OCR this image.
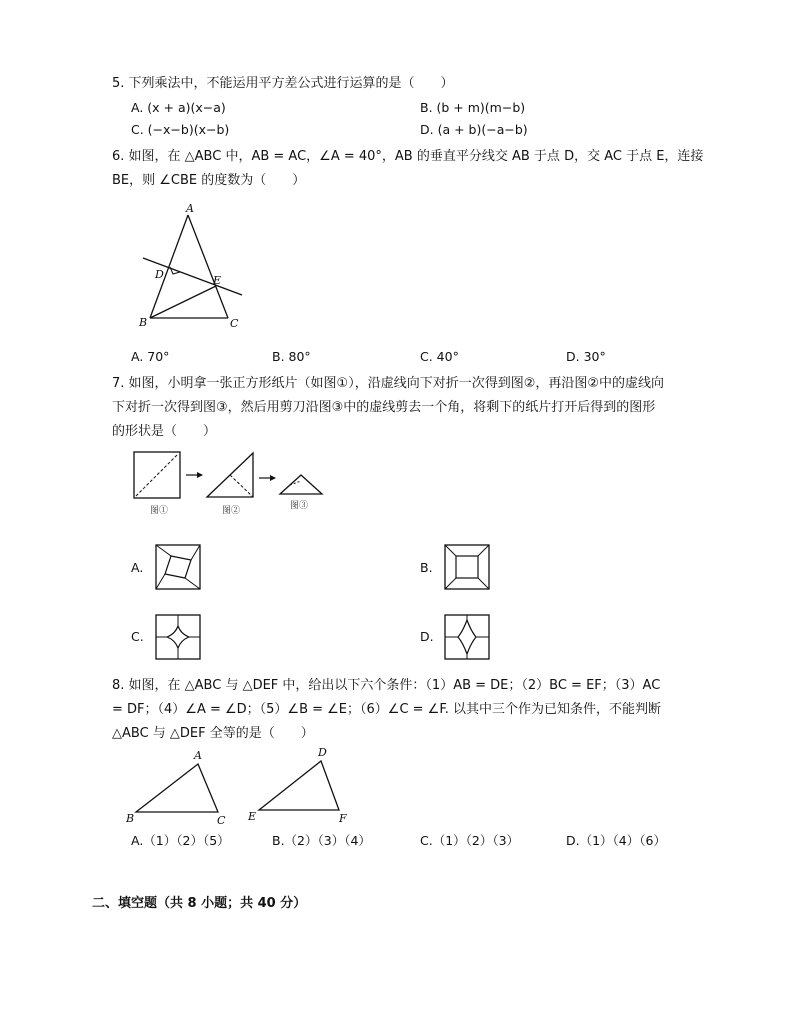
5. 下列乘法中，不能运用平方差公式进行运算的是（　　）
A. (x + a)(x−a)	B. (b + m)(m−b)
C. (−x−b)(x−b)	D. (a + b)(−a−b)
6. 如图，在 △ABC 中，AB = AC，∠A = 40°，AB 的垂直平分线交 AB 于点 D，交 AC 于点 E，连接
BE，则 ∠CBE 的度数为（　　）
A
B	C
D	E
A. 70°	B. 80°	C. 40°	D. 30°
7. 如图，小明拿一张正方形纸片（如图①），沿虚线向下对折一次得到图②，再沿图②中的虚线向
下对折一次得到图③，然后用剪刀沿图③中的虚线剪去一个角，将剩下的纸片打开后得到的图形
的形状是（　　）
图①	图②	图③
A.	B.
C.	D.
8. 如图，在 △ABC 与 △DEF 中，给出以下六个条件：（1）AB = DE；（2）BC = EF；（3）AC
= DF；（4）∠A = ∠D；（5）∠B = ∠E；（6）∠C = ∠F. 以其中三个作为已知条件，不能判断
△ABC 与 △DEF 全等的是（　　）
A
B	C
D
E	F
A.（1）（2）（5）	B.（2）（3）（4）	C.（1）（2）（3）	D.（1）（4）（6）
二、填空题（共 8 小题；共 40 分）
